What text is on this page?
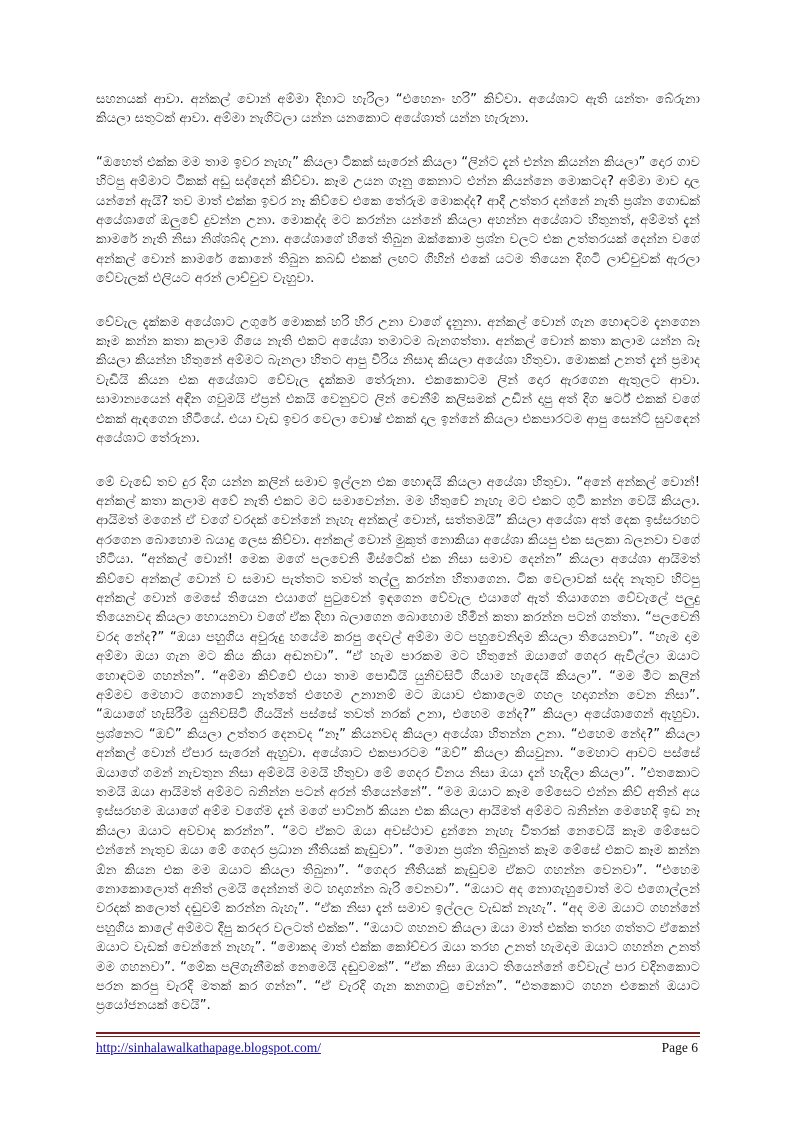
සහනයක් ආවා. අන්කල් වොන් අම්මා දිහාට හැරිලා “එහෙනං හරි” කිව්වා. අයේශාට ඇති යන්තං බේරුනා කියලා සතුටක් ආවා. අම්මා නැගිටලා යන්න යනකොට අයේශාත් යන්න හැරුනා.

“ඔහෙත් එක්ක මම තාම ඉවර නැහැ” කියලා ටිකක් සැරෙන් කියලා “ලින්ට දැන් එන්න කියන්න කියලා” දොර ගාව හිටපු අම්මාට ටිකක් අඩු සද්දෙන් කිව්වා. කෑම උයන ගෑනු කෙනාට එන්න කියන්නෙ මොකටද? අම්මා මාව දාල යන්නේ ඇයි? තව මාත් එක්ක ඉවර නෑ කිව්වෙ එකෙ තේරුම මොකද්ද? ආදී උත්තර දන්නේ නැති ප්‍රශ්න ගොඩක් අයේශාගේ ඔලුවේ දුවන්න උනා. මොකද්ද මට කරන්න යන්නේ කියලා අහන්න අයේශාට හිතුනත්, අම්මත් දැන් කාමරේ නැති නිසා නිශ්ශබ්ද උනා. අයේශාගේ හිතේ තිබුන ඔක්කොම ප්‍රශ්න වලට එක උත්තරයක් දෙන්න වගේ අන්කල් වොන් කාමරේ කොනේ තිබුන කබඩ් එකක් ලඟට ගිහින් එකේ යටම තියෙන දිගටි ලාච්චුවක් ඇරලා වේවැලක් එලියට අරන් ලාච්චුව වැහුවා.

වේවැල දැක්කම අයේශාට උගුරේ මොකක් හරි හිර උනා වාගේ දැනුනා. අන්කල් වොන් ගැන හොඳටම දැනගෙන කෑම කන්න කතා කලාම ගියෙ නැති එකට අයේශා තමාටම බැනගත්තා. අන්කල් වොන් කතා කලාම යන්න බෑ කියලා කියන්න හිතුනේ අම්මට බැනලා හිතට ආපු වීරිය නිසාද කියලා අයේශා හිතුවා. මොකක් උනත් දැන් ප්‍රමාද වැඩියි කියන එක අයේශාට වේවැල දැක්කම තේරුනා. එකකොටම ලින් දොර ඇරගෙන ඇතුලට ආවා. සාමාන්‍යයෙන් අඳින ගවුමයි ඒප්‍රන් එකයි වෙනුවට ලින් චෙනීම් කලිසමක් උඩින් දාපු අත් දිග ෂර්ට් එකක් වගේ එකක් ඇඳගෙන හිටියේ. එයා වැඩ ඉවර වෙලා වොෂ් එකක් දාල ඉන්නේ කියලා එකපාරටම ආපු සෙන්ට් සුවඳෙන් අයේශාට තේරුනා.

මේ වැඩේ තව දුර දිග යන්න කලින් සමාව ඉල්ලන එක හොඳයි කියලා අයේශා හිතුවා. “අනේ අන්කල් වොන්! අන්කල් කතා කලාම අවේ නැති එකට මට සමාවෙන්න. මම හිතුවේ නැහැ මට එකට ගුටි කන්න වෙයි කියලා. ආයිමත් මගෙන් ඒ වගේ වරදක් වෙන්නේ නැහැ අන්කල් වොන්, සත්තමයි” කියලා අයේශා අත් දෙක ඉස්සරහට අරගෙන බොහොම බයාදු ලෙස කිව්වා. අන්කල් වොන් මුකුත් නොකියා අයේශා කියපු එක සලකා බලනවා වගේ හිටියා. “අන්කල් වොන්! මෙක මගේ පලවෙනි මිස්ටේක් එක නිසා සමාව දෙන්න” කියලා අයේශා ආයිමත් කිව්වෙ අන්කල් වොන් ව සමාව පැත්තට තවත් තල්ලු කරන්න හිතාගෙන. ටික වෙලාවක් සද්ද නැතුව හිටපු අන්කල් වොන් මෙසේ තියෙන එයාගේ පුටුවෙන් ඉඳගෙන වේවැල එයාගේ ඇත් තියාගෙන වේවැලේ පලුදු තියෙනවද කියලා හොයනවා වගේ ඒක දිහා බලාගෙන බොහොම හිමින් කතා කරන්න පටන් ගත්තා. “පලවෙනි වරද නේද?” “ඔයා පහුගිය අවුරුදු හයේම කරපු දෙවල් අම්මා මට පහුවෙනිදාම කියලා තියෙනවා”. “හැම දාම අම්මා ඔයා ගැන මට කිය කියා අඬනවා”. “ඒ හැම පාරකම මට හිතුනේ ඔයාගේ ගෙදර ඇවිල්ලා ඔයාට හොඳටම ගහන්න”. “අම්මා කිව්වේ එයා තාම පොඩියි යුනිවසිටි ගියාම හැදෙයි කියලා”. “මම මීට කලින් අම්මව මෙහාට ගෙනාවේ නැත්තේ එහෙම උනානම් මට ඔයාව එකාලෙම ගහල හදාගන්න වෙන නිසා”. “ඔයාගේ හැසිරීම යුනිවසිටි ගියයින් පස්සේ තවත් නරක් උනා, එහෙම නේද?” කියලා අයේශාගෙන් ඇහුවා. ප්‍රශ්නෙට “ඔව්” කියලා උත්තර දෙනවද “නෑ” කියනවද කියලා අයේශා හිතන්න උනා. “එහෙම නේද?” කියලා අන්කල් වොන් ඒපාර සැරෙන් ඇහුවා. අයේශාට එකපාරටම “ඔව්” කියලා කියවුනා. “මෙහාට ආවට පස්සේ ඔයාගේ ගමන් නැවතුන නිසා අම්මයි මමයි හිතුවා මේ ගෙදර විනය නිසා ඔයා දැන් හැදිලා කියලා”. ”එතකොට තමයි ඔයා ආයිමත් අම්මට බනින්න පටන් අරන් තියෙන්නේ”. “මම ඔයාට කෑම මේසෙට එන්න කිව් අතින් අය ඉස්සරහම ඔයාගේ අම්ම වගේම දැන් මගේ පාට්නර් කියන එක කියලා ආයිමත් අම්මට බනින්න මෙහෙදි ඉඩ නෑ කියලා ඔයාට අවවාද කරන්න”. “මට ඒකට ඔයා අවස්ථාව දුන්නෙ නැහැ විතරක් නෙවෙයි කෑම මේසෙට එන්නේ නැතුව ඔයා මේ ගෙදර ප්‍රධාන නීතියක් කැඩුවා”. “මොන ප්‍රශ්න තිබුනත් කෑම මේසේ එකට කෑම කන්න ඕන කියන එක මම ඔයාට කියලා තිබුනා”. “ගෙදර නීතියක් කැඩුවම ඒකට ගහන්න වෙනවා”. “එහෙම නොකොලොත් අනිත් ලමයි දෙන්නත් මට හදාගන්න බැරි වෙනවා”. “ඔයාට අද නොගැහුවොත් මට එගොල්ලන් වරදක් කලොත් දඬුවම් කරන්න බැහැ”. “ඒක නිසා දැන් සමාව ඉල්ලල වැඩක් නැහැ”. “අද මම ඔයාට ගහන්නේ පහුගිය කාලේ අම්මට දීපු කරදර වලටත් එක්ක”. “ඔයාට ගහනව කියලා ඔයා මාත් එක්ක තරහ ගත්තට ඒකෙන් ඔයාට වැඩක් වෙන්නේ නැහැ”. “මොකද මාත් එක්ක කෝච්චර ඔයා තරහ උනත් හැමදාම ඔයාට ගහන්න උනත් මම ගහනවා”. “මේක පලිගැනීමක් නෙමෙයි දඬුවමක්”. “ඒක නිසා ඔයාට තියෙන්නේ වේවැල් පාර වදිනකොට පරන කරපු වැරදි මතක් කර ගන්න”. “ඒ වැරදි ගැන කනගාටු වෙන්න”. “එතකොට ගහන එකෙන් ඔයාට ප්‍රයෝජනයක් වෙයි”.

http://sinhalawalkathapage.blogspot.com/	Page 6
